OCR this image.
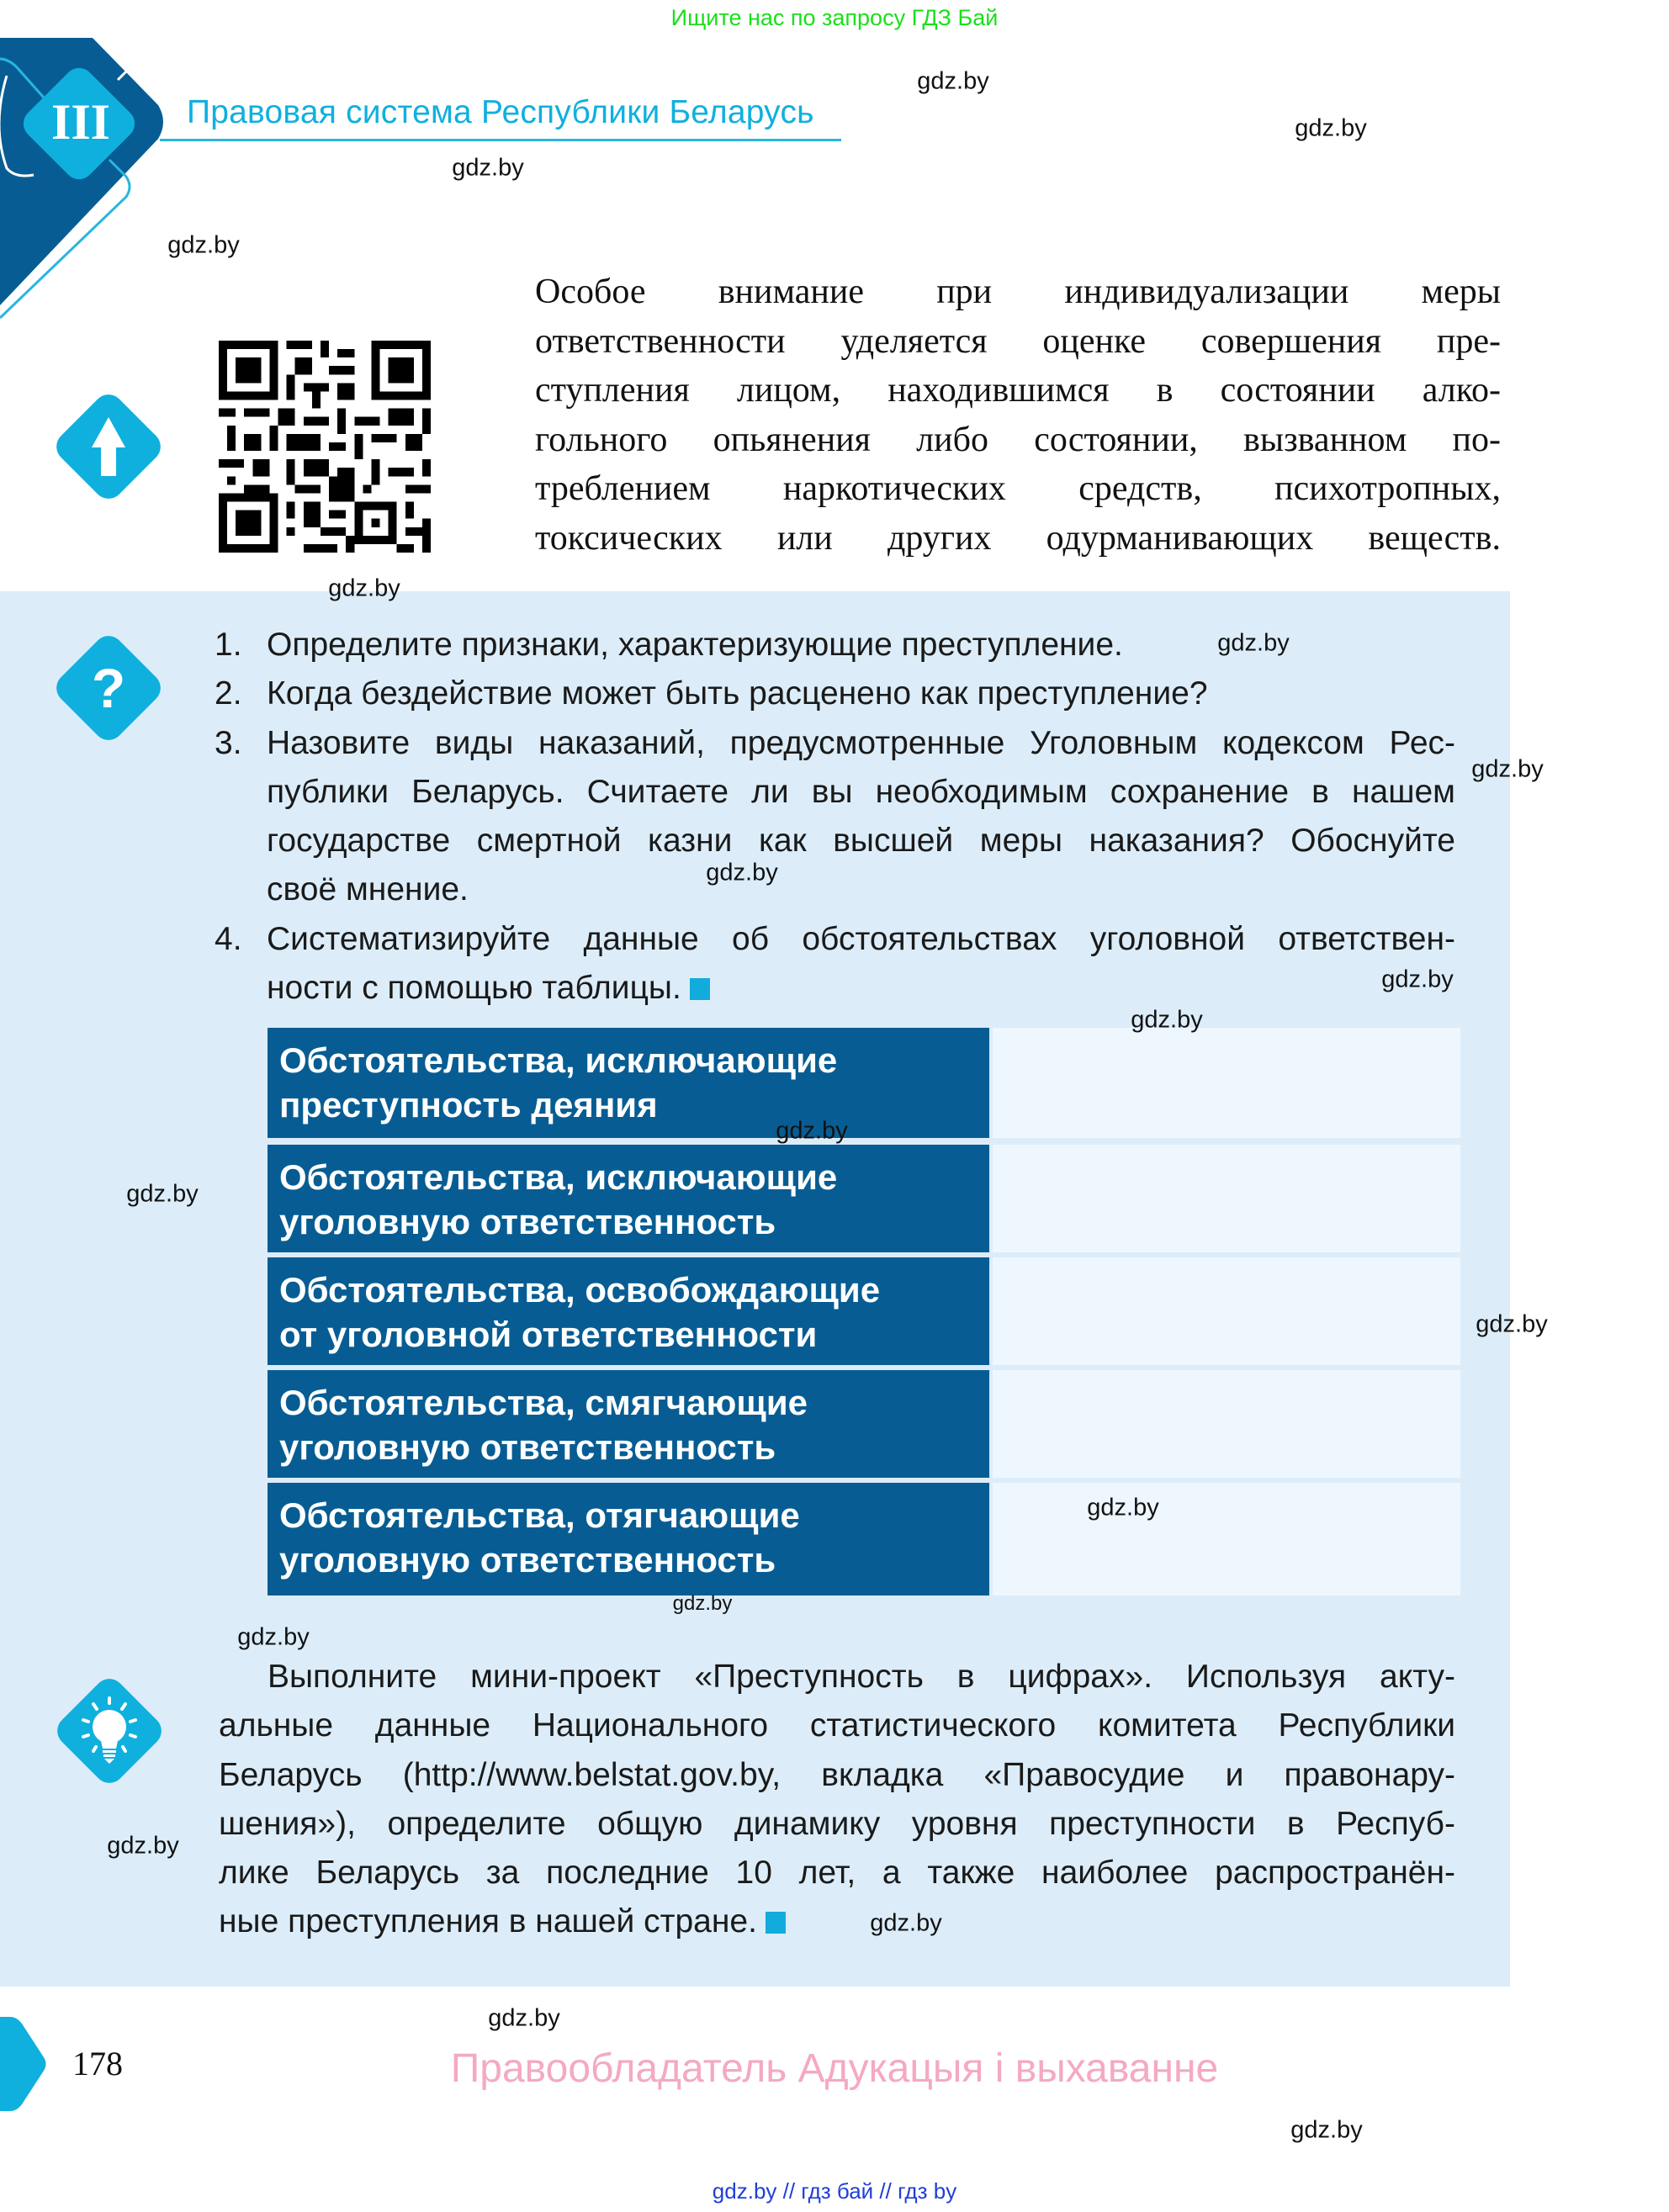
Ищите нас по запросу ГДЗ Бай
III	Правовая система Республики Беларусь
Особое внимание при индивидуализации меры
ответственности уделяется оценке совершения пре-
ступления лицом, находившимся в состоянии алко-
гольного опьянения либо состоянии, вызванном по-
треблением наркотических средств, психотропных,
токсических или других одурманивающих веществ.
?
1. Определите признаки, характеризующие преступление.
2. Когда бездействие может быть расценено как преступление?
3. Назовите виды наказаний, предусмотренные Уголовным кодексом Рес-
публики Беларусь. Считаете ли вы необходимым сохранение в нашем
государстве смертной казни как высшей меры наказания? Обоснуйте
своё мнение.
4. Систематизируйте данные об обстоятельствах уголовной ответствен-
ности с помощью таблицы.
Обстоятельства, исключающие
преступность деяния
Обстоятельства, исключающие
уголовную ответственность
Обстоятельства, освобождающие
от уголовной ответственности
Обстоятельства, смягчающие
уголовную ответственность
Обстоятельства, отягчающие
уголовную ответственность
Выполните мини-проект «Преступность в цифрах». Используя акту-
альные данные Национального статистического комитета Республики
Беларусь (http://www.belstat.gov.by, вкладка «Правосудие и правонару-
шения»), определите общую динамику уровня преступности в Респуб-
лике Беларусь за последние 10 лет, а также наиболее распространён-
ные преступления в нашей стране.
178	Правообладатель Адукацыя і выхаванне
gdz.by // гдз бай // гдз by
gdz.by
gdz.by
gdz.by
gdz.by
gdz.by
gdz.by
gdz.by
gdz.by
gdz.by
gdz.by
gdz.by
gdz.by
gdz.by
gdz.by
gdz.by
gdz.by
gdz.by
gdz.by
gdz.by
gdz.by
